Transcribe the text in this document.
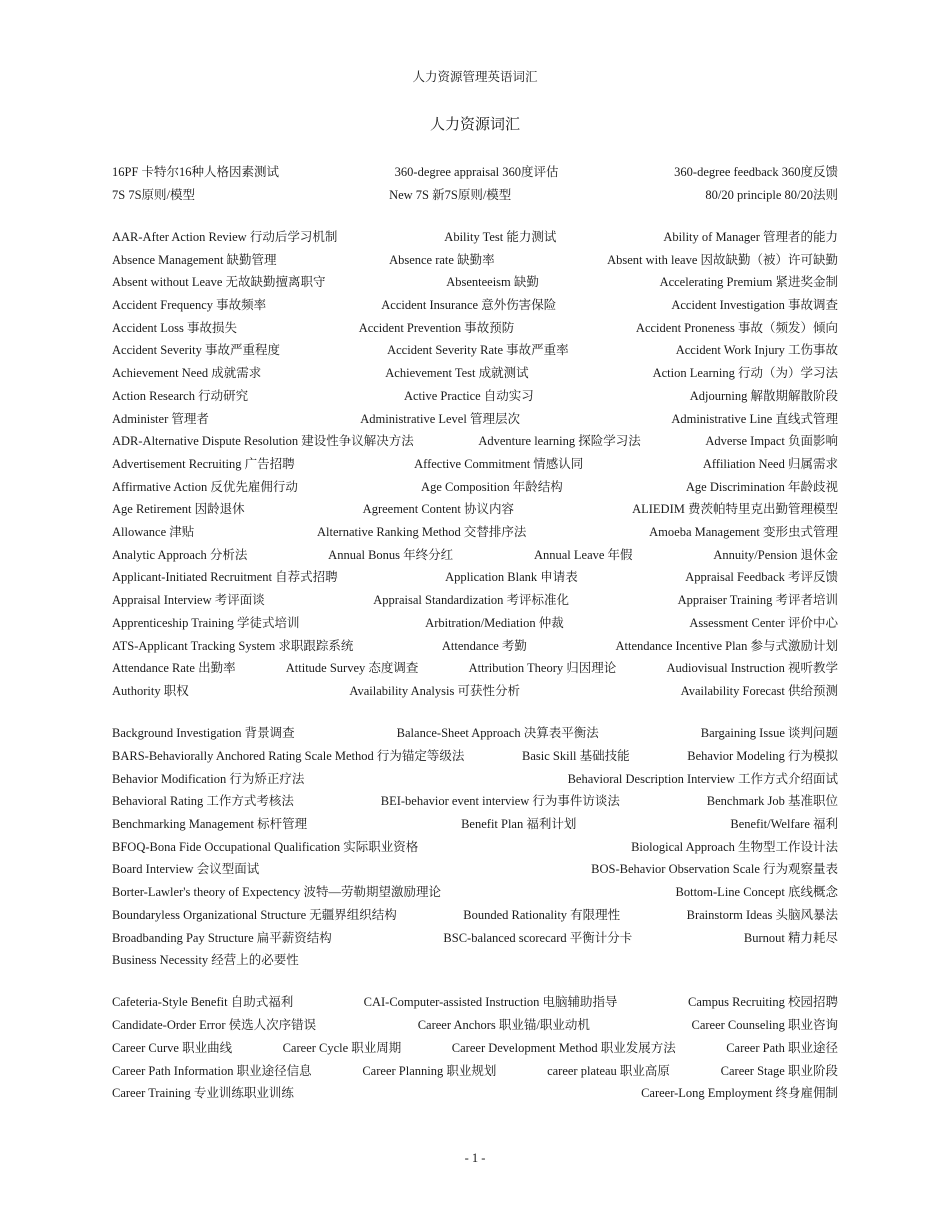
人力资源管理英语词汇
人力资源词汇
16PF 卡特尔16种人格因素测试	360-degree appraisal 360度评估	360-degree feedback 360度反馈
7S 7S原则/模型	New 7S 新7S原则/模型	80/20 principle 80/20法则
AAR-After Action Review 行动后学习机制	Ability Test 能力测试	Ability of Manager 管理者的能力
Absence Management 缺勤管理	Absence rate 缺勤率	Absent with leave 因故缺勤（被）许可缺勤
Absent without Leave 无故缺勤擅离职守	Absenteeism 缺勤	Accelerating Premium 紧进奖金制
Accident Frequency 事故频率	Accident Insurance 意外伤害保险	Accident Investigation 事故调查
Accident Loss 事故损失	Accident Prevention 事故预防	Accident Proneness 事故（频发）倾向
Accident Severity 事故严重程度	Accident Severity Rate 事故严重率	Accident Work Injury 工伤事故
Achievement Need 成就需求	Achievement Test 成就测试	Action Learning 行动（为）学习法
Action Research 行动研究	Active Practice 自动实习	Adjourning 解散期解散阶段
Administer 管理者	Administrative Level 管理层次	Administrative Line 直线式管理
ADR-Alternative Dispute Resolution 建设性争议解决方法	Adventure learning 探险学习法	Adverse Impact 负面影响
Advertisement Recruiting 广告招聘	Affective Commitment 情感认同	Affiliation Need 归属需求
Affirmative Action 反优先雇佣行动	Age Composition 年龄结构	Age Discrimination 年龄歧视
Age Retirement 因龄退休	Agreement Content 协议内容	ALIEDIM 费茨帕特里克出勤管理模型
Allowance 津贴	Alternative Ranking Method 交替排序法	Amoeba Management 变形虫式管理
Analytic Approach 分析法	Annual Bonus 年终分红	Annual Leave 年假	Annuity/Pension 退休金
Applicant-Initiated Recruitment 自荐式招聘	Application Blank 申请表	Appraisal Feedback 考评反馈
Appraisal Interview 考评面谈	Appraisal Standardization 考评标准化	Appraiser Training 考评者培训
Apprenticeship Training 学徒式培训	Arbitration/Mediation 仲裁	Assessment Center 评价中心
ATS-Applicant Tracking System 求职跟踪系统	Attendance 考勤	Attendance Incentive Plan 参与式激励计划
Attendance Rate 出勤率	Attitude Survey 态度调查	Attribution Theory 归因理论	Audiovisual Instruction 视听教学
Authority 职权	Availability Analysis 可获性分析	Availability Forecast 供给预测
Background Investigation 背景调查	Balance-Sheet Approach 决算表平衡法	Bargaining Issue 谈判问题
BARS-Behaviorally Anchored Rating Scale Method 行为锚定等级法	Basic Skill 基础技能	Behavior Modeling 行为模拟
Behavior Modification 行为矫正疗法	Behavioral Description Interview 工作方式介绍面试
Behavioral Rating 工作方式考核法	BEI-behavior event interview 行为事件访谈法	Benchmark Job 基准职位
Benchmarking Management 标杆管理	Benefit Plan 福利计划	Benefit/Welfare 福利
BFOQ-Bona Fide Occupational Qualification 实际职业资格	Biological Approach 生物型工作设计法
Board Interview 会议型面试	BOS-Behavior Observation Scale 行为观察量表
Borter-Lawler's theory of Expectency 波特—劳勒期望激励理论	Bottom-Line Concept 底线概念
Boundaryless Organizational Structure 无疆界组织结构	Bounded Rationality 有限理性	Brainstorm Ideas 头脑风暴法
Broadbanding Pay Structure 扁平薪资结构	BSC-balanced scorecard 平衡计分卡	Burnout 精力耗尽
Business Necessity 经营上的必要性
Cafeteria-Style Benefit 自助式福利	CAI-Computer-assisted Instruction 电脑辅助指导	Campus Recruiting 校园招聘
Candidate-Order Error 侯选人次序错误	Career Anchors 职业锚/职业动机	Career Counseling 职业咨询
Career Curve 职业曲线	Career Cycle 职业周期	Career Development Method 职业发展方法	Career Path 职业途径
Career Path Information 职业途径信息	Career Planning 职业规划	career plateau 职业高原	Career Stage 职业阶段
Career Training 专业训练职业训练	Career-Long Employment 终身雇佣制
- 1 -
